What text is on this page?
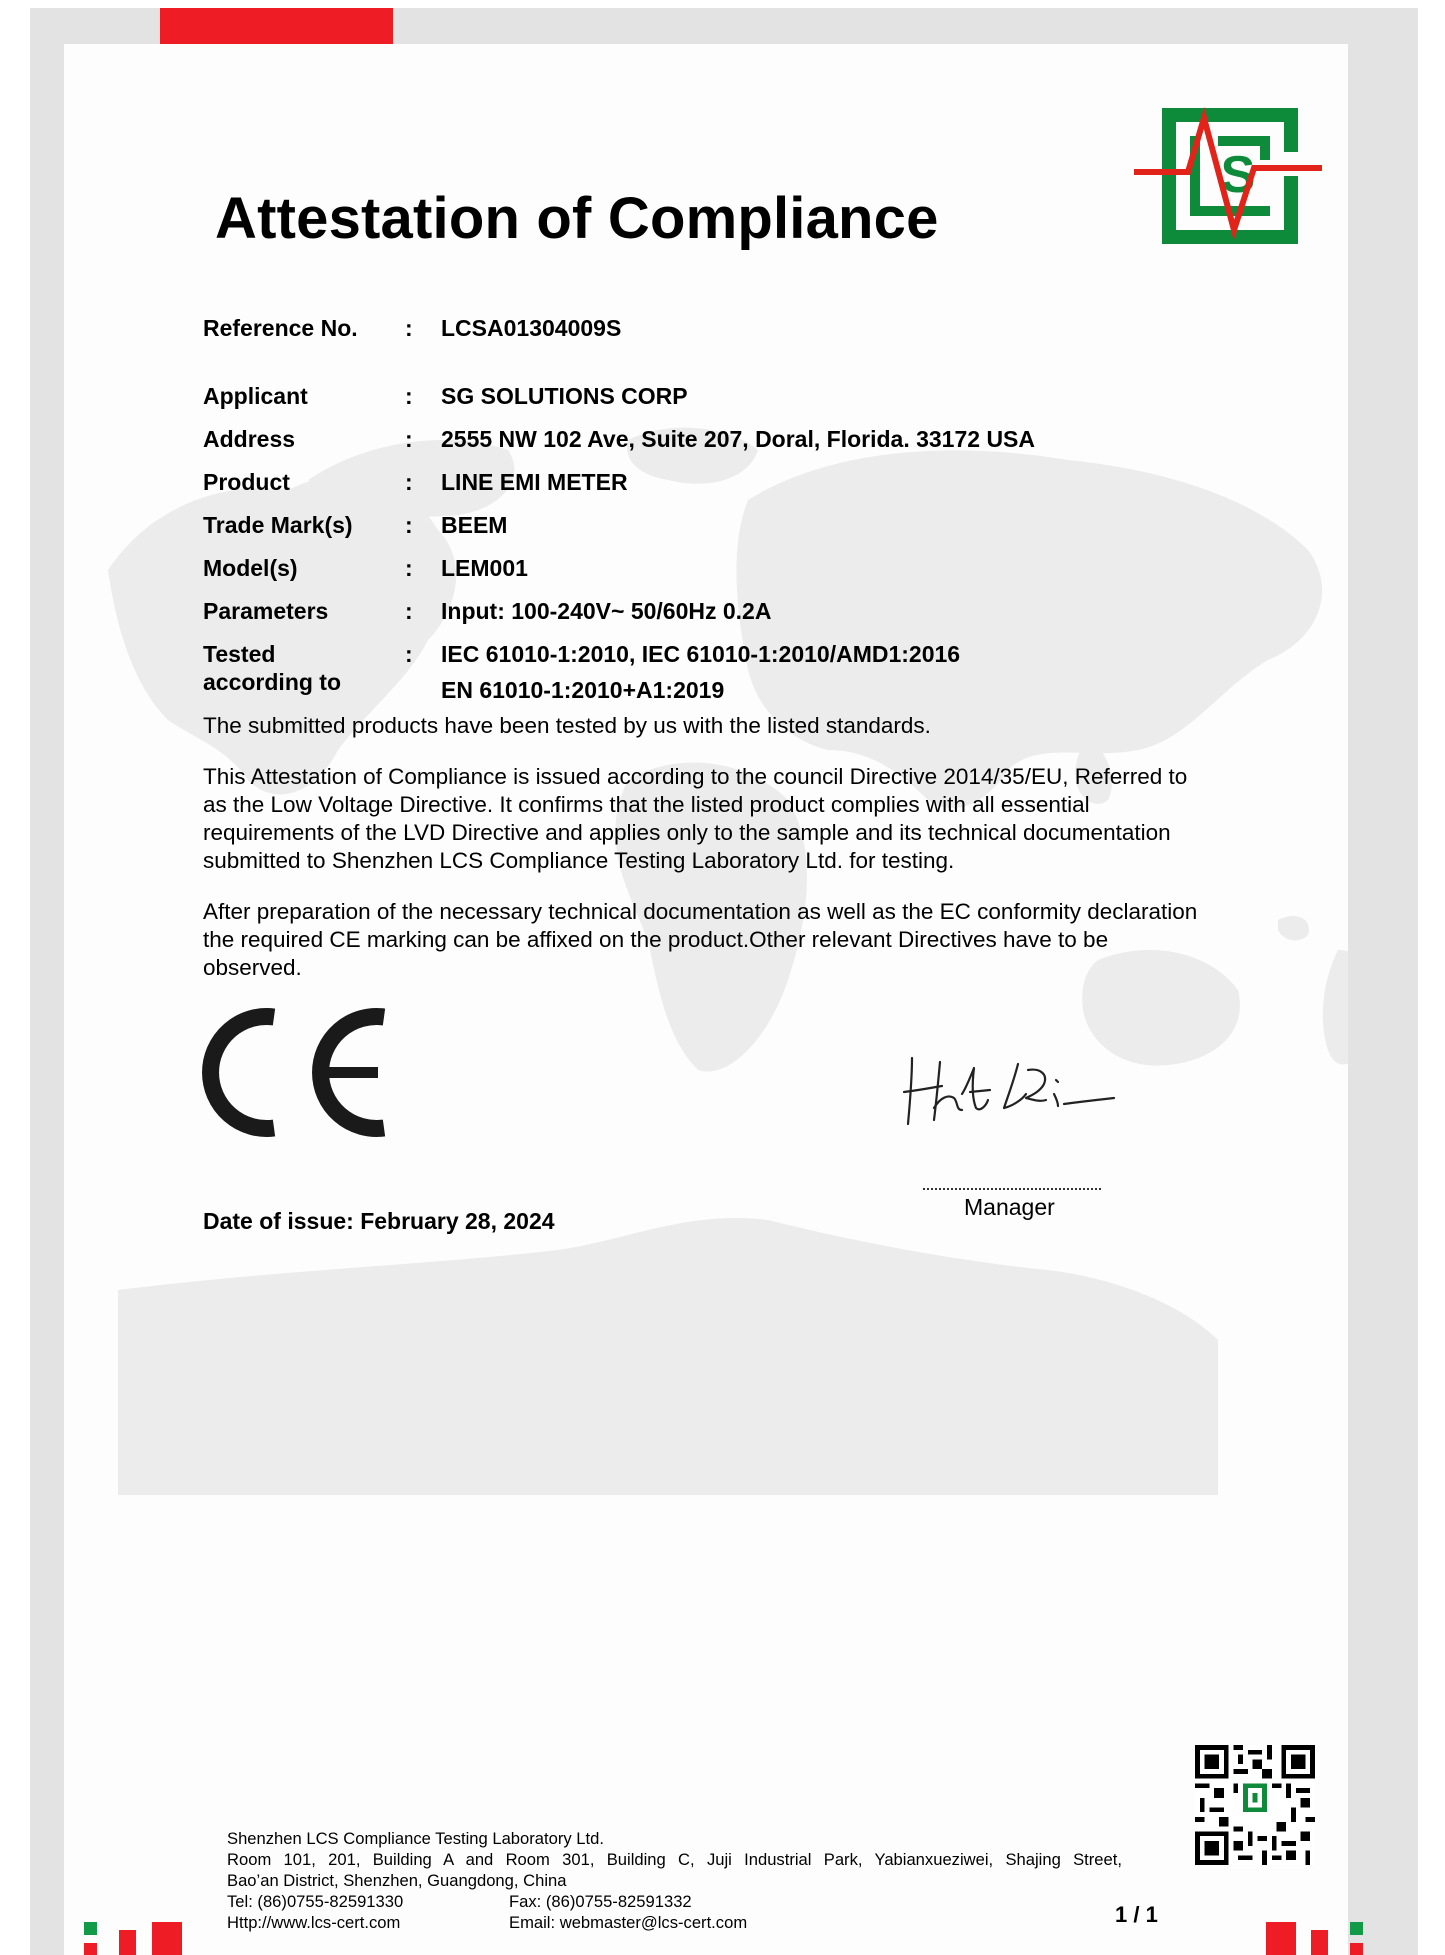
Attestation of Compliance
S
Reference No. : LCSA01304009S
Applicant	: SG SOLUTIONS CORP
Address	: 2555 NW 102 Ave, Suite 207, Doral, Florida. 33172 USA
Product	: LINE EMI METER
Trade Mark(s) : BEEM
Model(s)	: LEM001
Parameters	: Input: 100-240V~ 50/60Hz 0.2A
Tested
according to
: IEC 61010-1:2010, IEC 61010-1:2010/AMD1:2016
EN 61010-1:2010+A1:2019
The submitted products have been tested by us with the listed standards.
This Attestation of Compliance is issued according to the council Directive 2014/35/EU, Referred to as the Low Voltage Directive. It confirms that the listed product complies with all essential requirements of the LVD Directive and applies only to the sample and its technical documentation submitted to Shenzhen LCS Compliance Testing Laboratory Ltd. for testing.
After preparation of the necessary technical documentation as well as the EC conformity declaration the required CE marking can be affixed on the product.Other relevant Directives have to be observed.
Manager
Date of issue: February 28, 2024
Shenzhen LCS Compliance Testing Laboratory Ltd.
Room 101, 201, Building A and Room 301, Building C, Juji Industrial Park, Yabianxueziwei, Shajing Street,
Bao’an District, Shenzhen, Guangdong, China
Tel: (86)0755-82591330	Fax: (86)0755-82591332
Http://www.lcs-cert.com	Email: webmaster@lcs-cert.com	1 / 1
